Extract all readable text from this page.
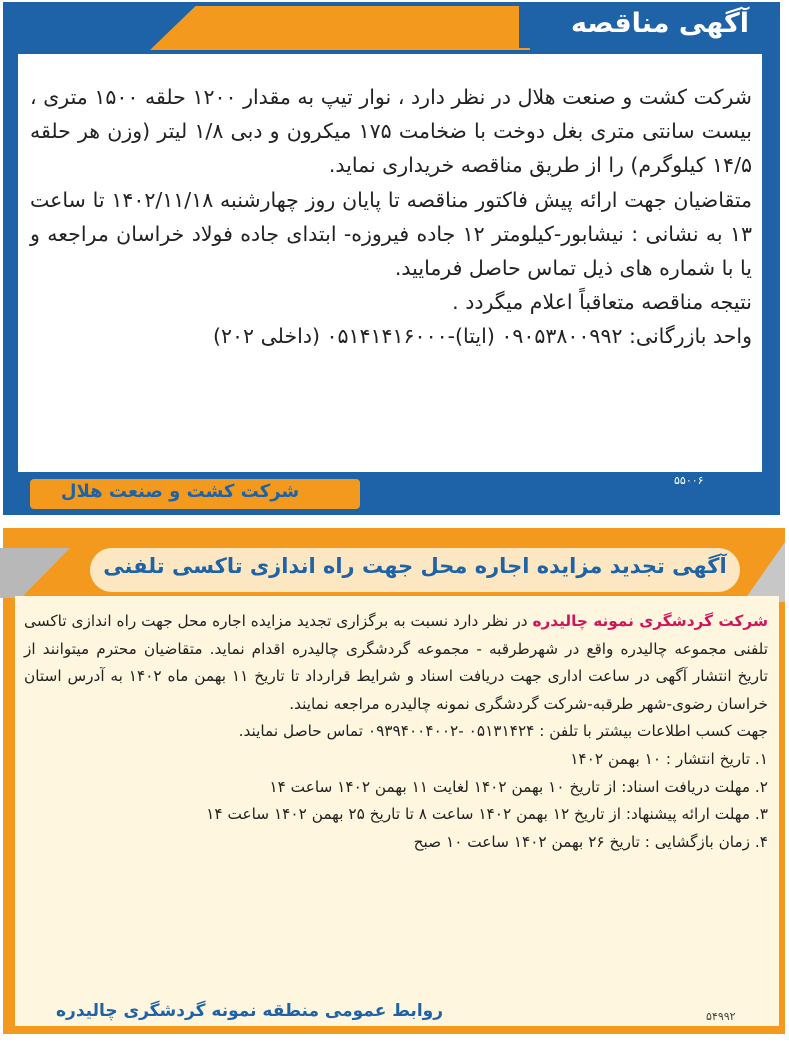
آگهی مناقصه

شرکت کشت و صنعت هلال در نظر دارد ، نوار تیپ به مقدار ۱۲۰۰ حلقه ۱۵۰۰ متری ، بیست سانتی متری بغل دوخت با ضخامت ۱۷۵ میکرون و دبی ۱/۸ لیتر (وزن هر حلقه ۱۴/۵ کیلوگرم) را از طریق مناقصه خریداری نماید.

متقاضیان جهت ارائه پیش فاکتور مناقصه تا پایان روز چهارشنبه ۱۴۰۲/۱۱/۱۸ تا ساعت ۱۳ به نشانی : نیشابور-کیلومتر ۱۲ جاده فیروزه- ابتدای جاده فولاد خراسان مراجعه و یا با شماره های ذیل تماس حاصل فرمایید.

نتیجه مناقصه متعاقباً اعلام میگردد .

واحد بازرگانی: ۰۹۰۵۳۸۰۰۹۹۲ (ایتا)-۰۵۱۴۱۴۱۶۰۰۰ (داخلی ۲۰۲)

شرکت کشت و صنعت هلال
۵۵۰۰۶
آگهی تجدید مزایده اجاره محل جهت راه اندازی تاکسی تلفنی

شرکت گردشگری نمونه چالیدره در نظر دارد نسبت به برگزاری تجدید مزایده اجاره محل جهت راه اندازی تاکسی تلفنی مجموعه چالیدره واقع در شهرطرقبه - مجموعه گردشگری چالیدره اقدام نماید. متقاضیان محترم میتوانند از تاریخ انتشار آگهی در ساعت اداری جهت دریافت اسناد و شرایط قرارداد تا تاریخ ۱۱ بهمن ماه ۱۴۰۲ به آدرس استان خراسان رضوی-شهر طرقبه-شرکت گردشگری نمونه چالیدره مراجعه نمایند.

جهت کسب اطلاعات بیشتر با تلفن : ۰۵۱۳۱۴۲۴ -۰۹۳۹۴۰۰۴۰۰۲ تماس حاصل نمایند.

۱. تاریخ انتشار : ۱۰ بهمن ۱۴۰۲

۲. مهلت دریافت اسناد: از تاریخ ۱۰ بهمن ۱۴۰۲ لغایت ۱۱ بهمن ۱۴۰۲ ساعت ۱۴

۳. مهلت ارائه پیشنهاد: از تاریخ ۱۲ بهمن ۱۴۰۲ ساعت ۸ تا تاریخ ۲۵ بهمن ۱۴۰۲ ساعت ۱۴

۴. زمان بازگشایی : تاریخ ۲۶ بهمن ۱۴۰۲ ساعت ۱۰ صبح

روابط عمومی منطقه نمونه گردشگری چالیدره	۵۴۹۹۲
